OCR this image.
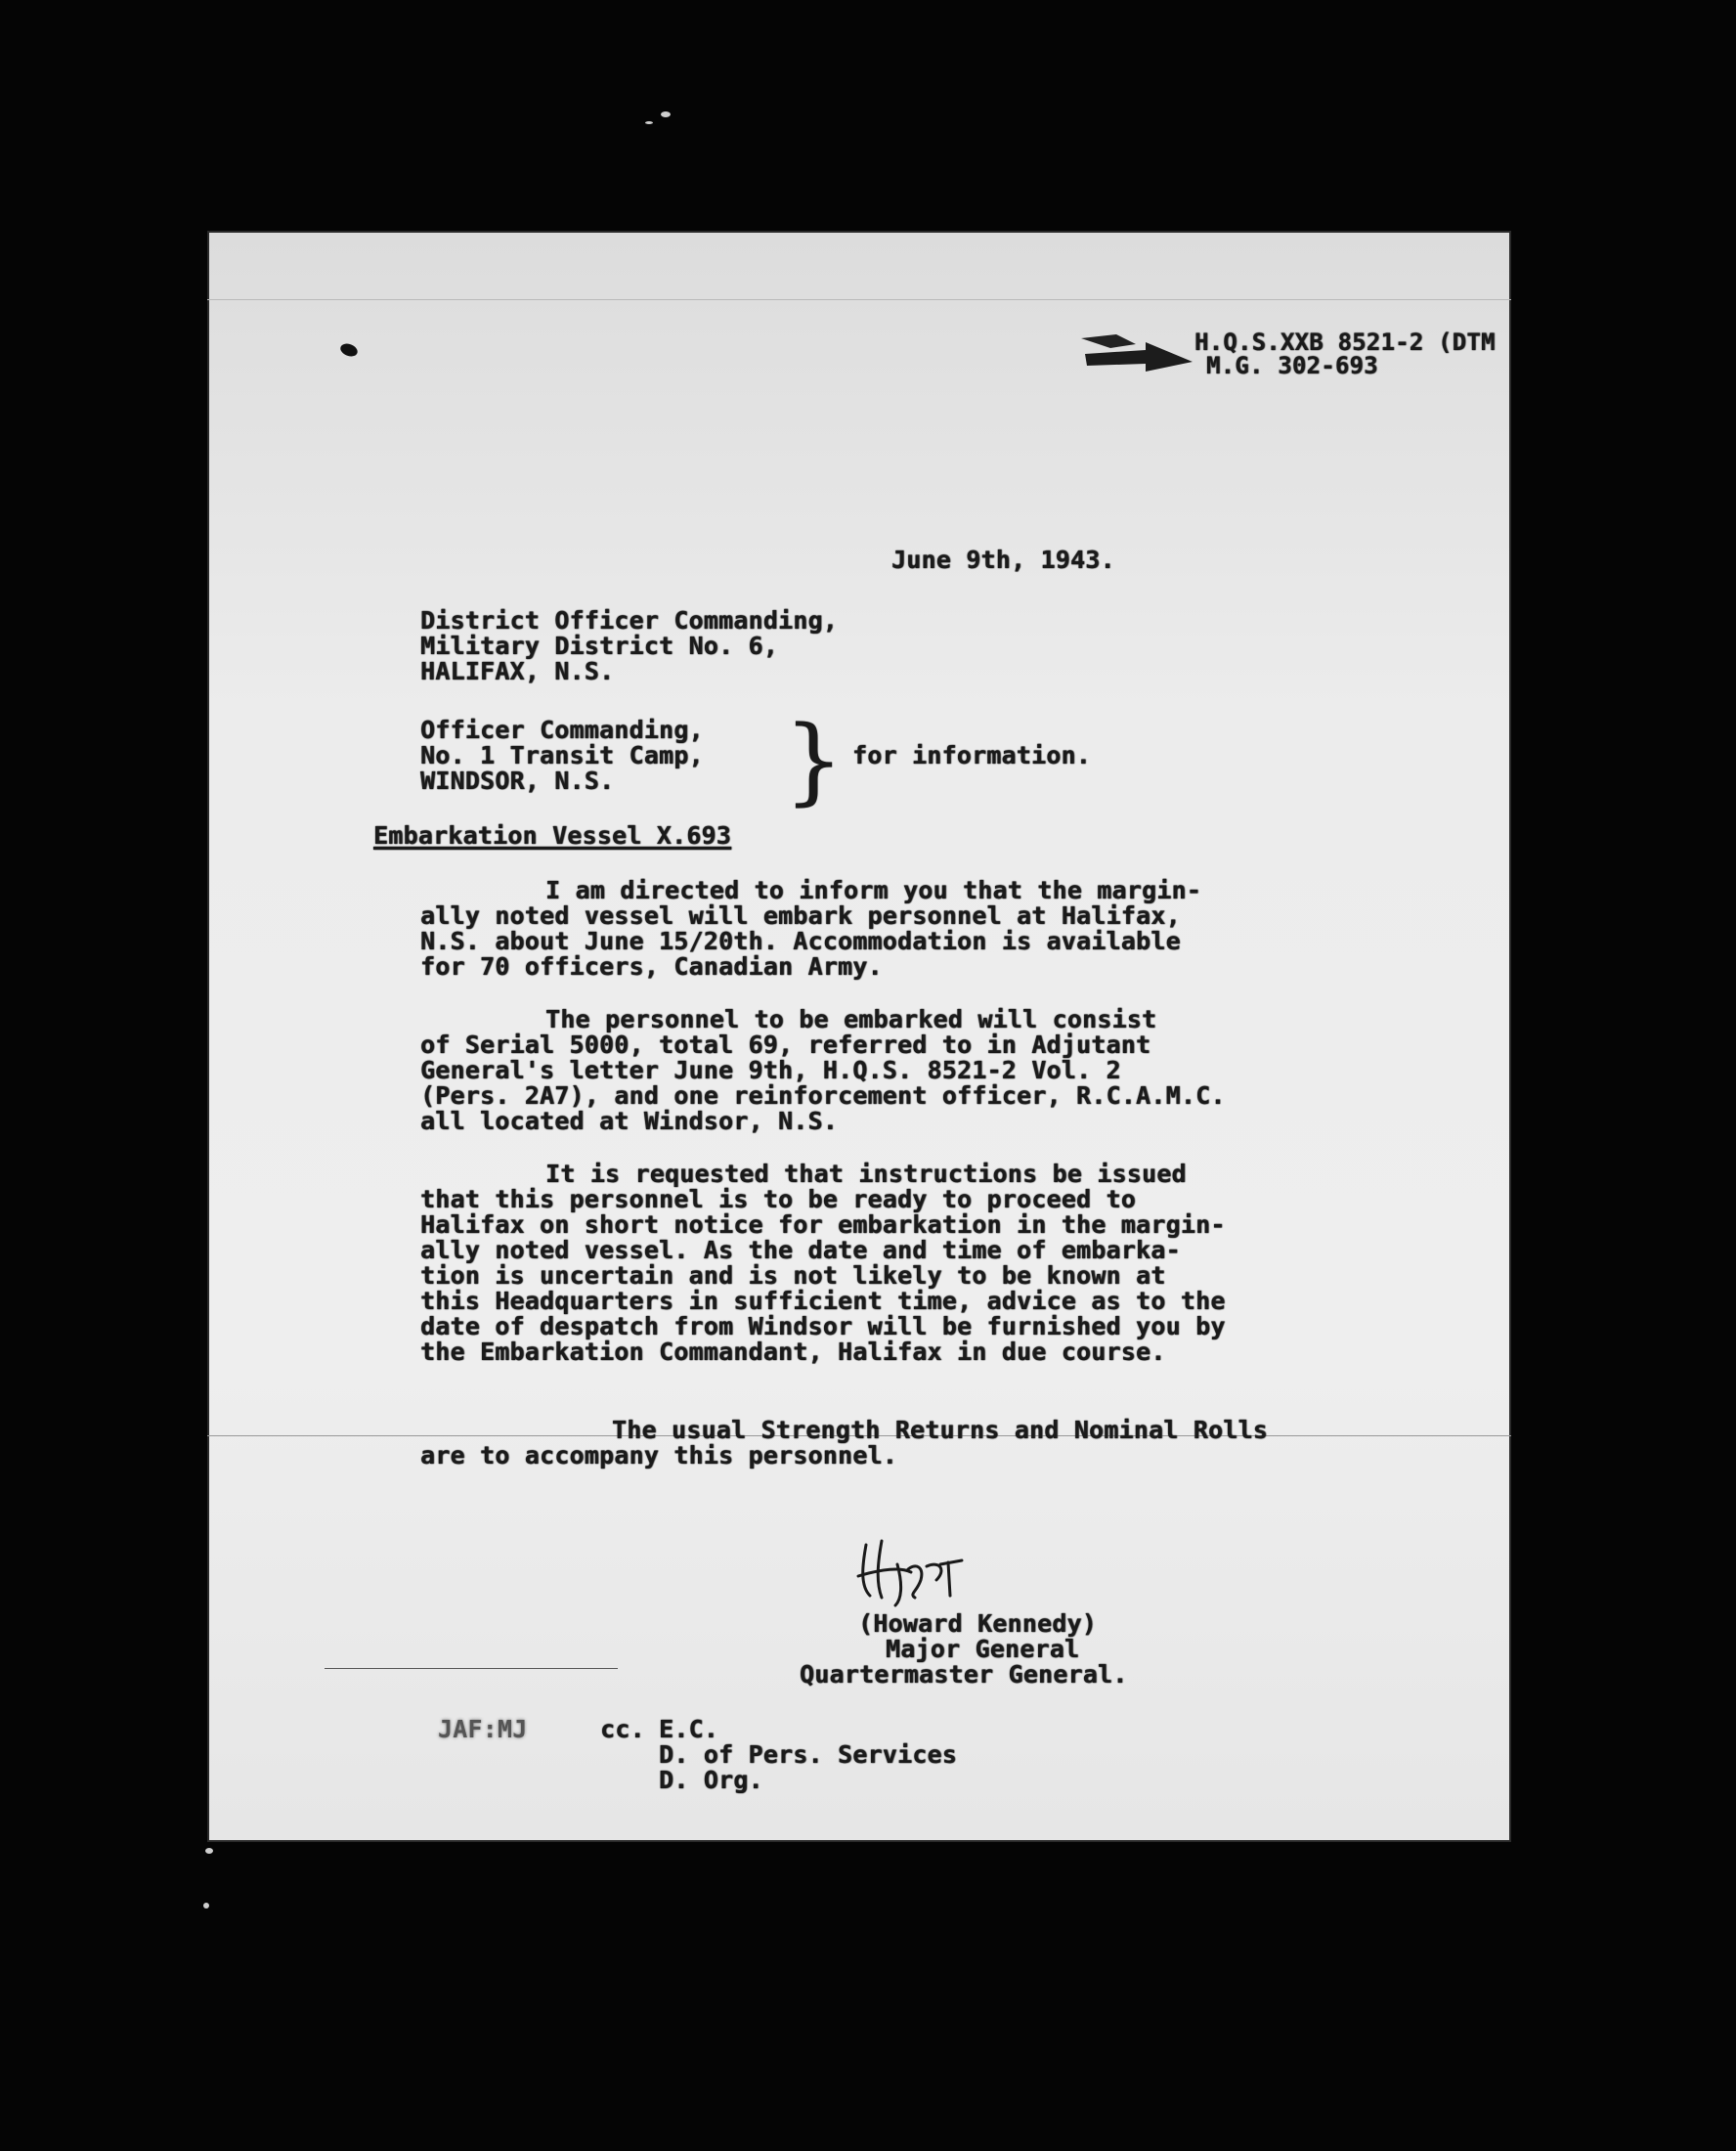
H.Q.S.XXB 8521-2 (DTM
M.G. 302-693
June 9th, 1943.
District Officer Commanding,
Military District No. 6,
HALIFAX, N.S.
Officer Commanding,
No. 1 Transit Camp,
WINDSOR, N.S. } for information.
Embarkation Vessel X.693
I am directed to inform you that the margin-
ally noted vessel will embark personnel at Halifax,
N.S. about June 15/20th. Accommodation is available
for 70 officers, Canadian Army.
The personnel to be embarked will consist
of Serial 5000, total 69, referred to in Adjutant
General's letter June 9th, H.Q.S. 8521-2 Vol. 2
(Pers. 2A7), and one reinforcement officer, R.C.A.M.C.
all located at Windsor, N.S.
It is requested that instructions be issued
that this personnel is to be ready to proceed to
Halifax on short notice for embarkation in the margin-
ally noted vessel. As the date and time of embarka-
tion is uncertain and is not likely to be known at
this Headquarters in sufficient time, advice as to the
date of despatch from Windsor will be furnished you by
the Embarkation Commandant, Halifax in due course.
The usual Strength Returns and Nominal Rolls
are to accompany this personnel.
(Howard Kennedy)
Major General
Quartermaster General.
JAF:MJ	cc. E.C.
D. of Pers. Services
D. Org.
